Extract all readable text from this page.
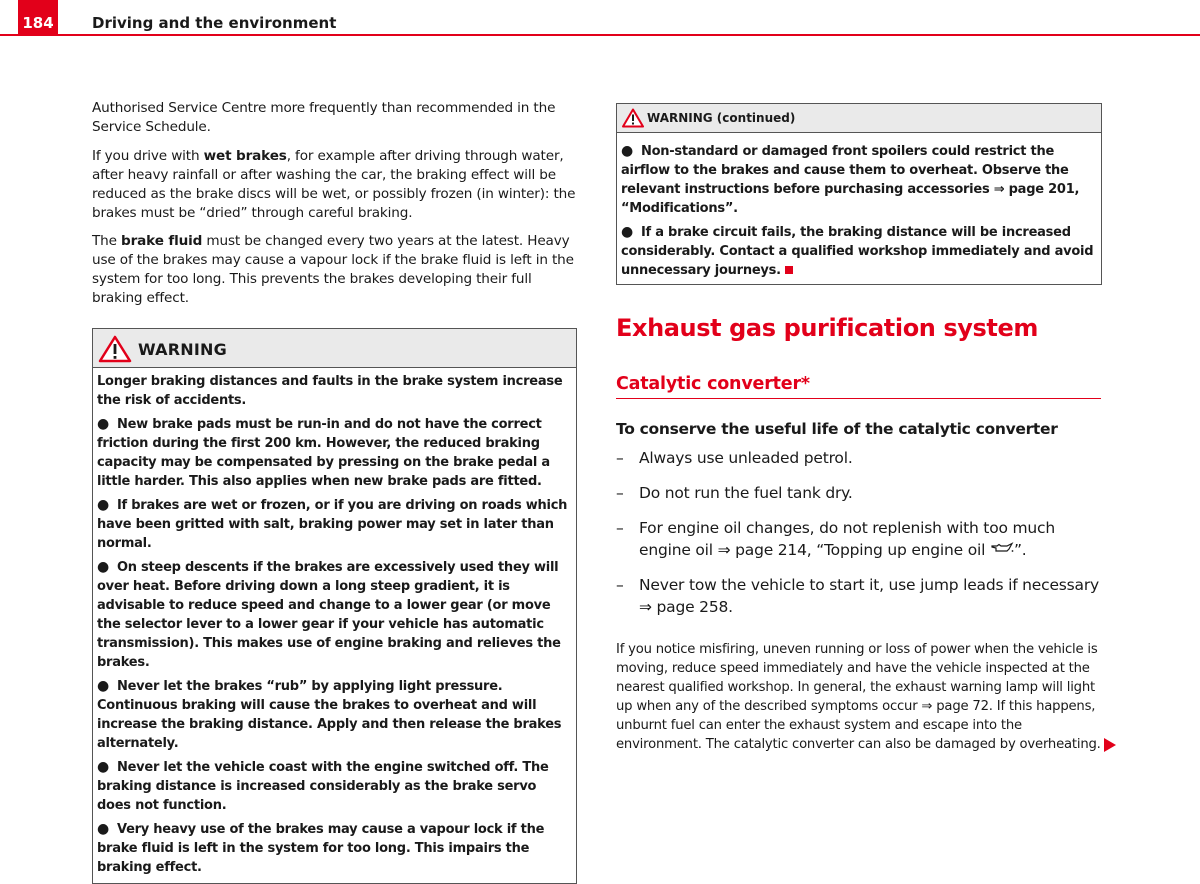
184	Driving and the environment

Authorised Service Centre more frequently than recommended in the Service Schedule.

If you drive with wet brakes, for example after driving through water, after heavy rainfall or after washing the car, the braking effect will be reduced as the brake discs will be wet, or possibly frozen (in winter): the brakes must be “dried” through careful braking.

The brake fluid must be changed every two years at the latest. Heavy use of the brakes may cause a vapour lock if the brake fluid is left in the system for too long. This prevents the brakes developing their full braking effect.

WARNING

Longer braking distances and faults in the brake system increase the risk of accidents.

● New brake pads must be run-in and do not have the correct friction during the first 200 km. However, the reduced braking capacity may be compensated by pressing on the brake pedal a little harder. This also applies when new brake pads are fitted.

● If brakes are wet or frozen, or if you are driving on roads which have been gritted with salt, braking power may set in later than normal.

● On steep descents if the brakes are excessively used they will over heat. Before driving down a long steep gradient, it is advisable to reduce speed and change to a lower gear (or move the selector lever to a lower gear if your vehicle has automatic transmission). This makes use of engine braking and relieves the brakes.

● Never let the brakes “rub” by applying light pressure. Continuous braking will cause the brakes to overheat and will increase the braking distance. Apply and then release the brakes alternately.

● Never let the vehicle coast with the engine switched off. The braking distance is increased considerably as the brake servo does not function.

● Very heavy use of the brakes may cause a vapour lock if the brake fluid is left in the system for too long. This impairs the braking effect.

WARNING (continued)

● Non-standard or damaged front spoilers could restrict the airflow to the brakes and cause them to overheat. Observe the relevant instructions before purchasing accessories ⇒ page 201, “Modifications”.

● If a brake circuit fails, the braking distance will be increased considerably. Contact a qualified workshop immediately and avoid unnecessary journeys.

Exhaust gas purification system
Catalytic converter*
To conserve the useful life of the catalytic converter
– Always use unleaded petrol.
– Do not run the fuel tank dry.
– For engine oil changes, do not replenish with too much engine oil ⇒ page 214, “Topping up engine oil ”.
– Never tow the vehicle to start it, use jump leads if necessary ⇒ page 258.

If you notice misfiring, uneven running or loss of power when the vehicle is moving, reduce speed immediately and have the vehicle inspected at the nearest qualified workshop. In general, the exhaust warning lamp will light up when any of the described symptoms occur ⇒ page 72. If this happens, unburnt fuel can enter the exhaust system and escape into the environment. The catalytic converter can also be damaged by overheating.
